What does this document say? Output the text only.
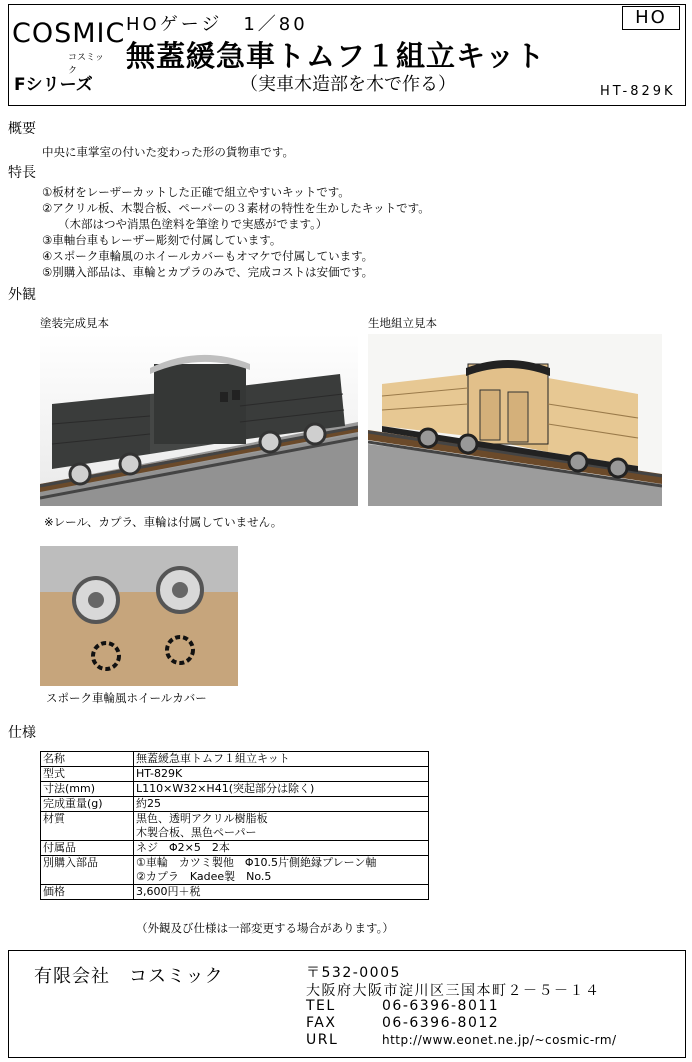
COSMIC
コスミック
Fシリーズ
HOゲージ　1／80
無蓋緩急車トムフ１組立キット
（実車木造部を木で作る）
HO
HT-829K
概要
中央に車掌室の付いた変わった形の貨物車です。
特長
①板材をレーザーカットした正確で組立やすいキットです。
②アクリル板、木製合板、ペーパーの３素材の特性を生かしたキットです。
（木部はつや消黒色塗料を筆塗りで実感がでます。）
③車軸台車もレーザー彫刻で付属しています。
④スポーク車輪風のホイールカバーもオマケで付属しています。
⑤別購入部品は、車輪とカプラのみで、完成コストは安価です。
外観
塗装完成見本	生地組立見本
※レール、カプラ、車輪は付属していません。
スポーク車輪風ホイールカバー
仕様
名称	無蓋緩急車トムフ１組立キット
型式	HT-829K
寸法(mm)	L110×W32×H41(突起部分は除く)
完成重量(g)	約25
材質	黒色、透明アクリル樹脂板
木製合板、黒色ペーパー

付属品	ネジ　Φ2×5　2本
別購入部品	①車輪　カツミ製他　Φ10.5片側絶縁プレーン軸
②カプラ　Kadee製　No.5

価格	3,600円＋税
（外観及び仕様は一部変更する場合があります。）
有限会社　コスミック	〒532-0005
大阪府大阪市淀川区三国本町２－５－１４
TEL	06-6396-8011
FAX	06-6396-8012
URL	http://www.eonet.ne.jp/~cosmic-rm/
